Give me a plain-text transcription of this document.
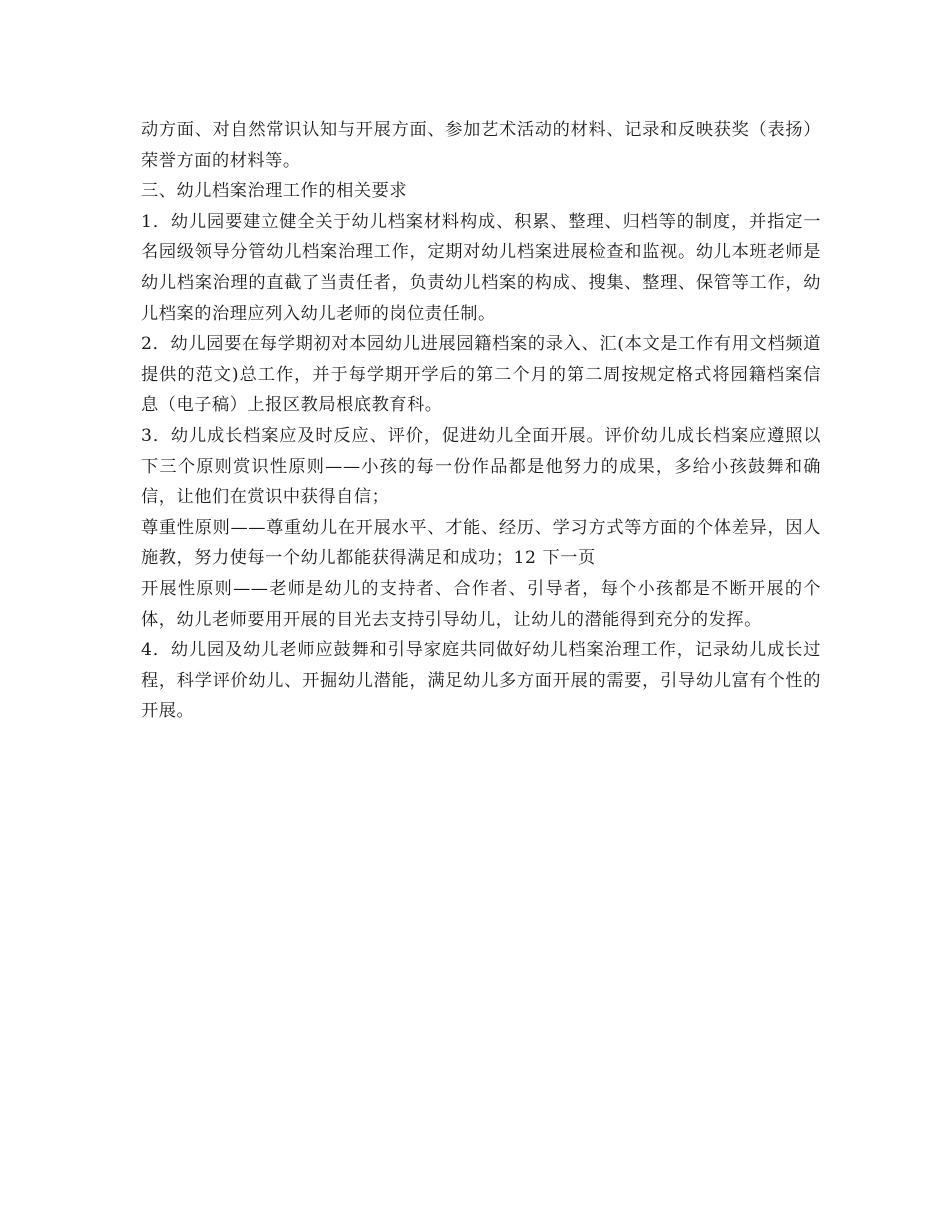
动方面、对自然常识认知与开展方面、参加艺术活动的材料、记录和反映获奖（表扬）荣誉方面的材料等。

三、幼儿档案治理工作的相关要求

1．幼儿园要建立健全关于幼儿档案材料构成、积累、整理、归档等的制度，并指定一名园级领导分管幼儿档案治理工作，定期对幼儿档案进展检查和监视。幼儿本班老师是幼儿档案治理的直截了当责任者，负责幼儿档案的构成、搜集、整理、保管等工作，幼儿档案的治理应列入幼儿老师的岗位责任制。

2．幼儿园要在每学期初对本园幼儿进展园籍档案的录入、汇(本文是工作有用文档频道提供的范文)总工作，并于每学期开学后的第二个月的第二周按规定格式将园籍档案信息（电子稿）上报区教局根底教育科。

3．幼儿成长档案应及时反应、评价，促进幼儿全面开展。评价幼儿成长档案应遵照以下三个原则赏识性原则——小孩的每一份作品都是他努力的成果，多给小孩鼓舞和确信，让他们在赏识中获得自信；

尊重性原则——尊重幼儿在开展水平、才能、经历、学习方式等方面的个体差异，因人施教，努力使每一个幼儿都能获得满足和成功；12 下一页

开展性原则——老师是幼儿的支持者、合作者、引导者，每个小孩都是不断开展的个体，幼儿老师要用开展的目光去支持引导幼儿，让幼儿的潜能得到充分的发挥。

4．幼儿园及幼儿老师应鼓舞和引导家庭共同做好幼儿档案治理工作，记录幼儿成长过程，科学评价幼儿、开掘幼儿潜能，满足幼儿多方面开展的需要，引导幼儿富有个性的开展。
